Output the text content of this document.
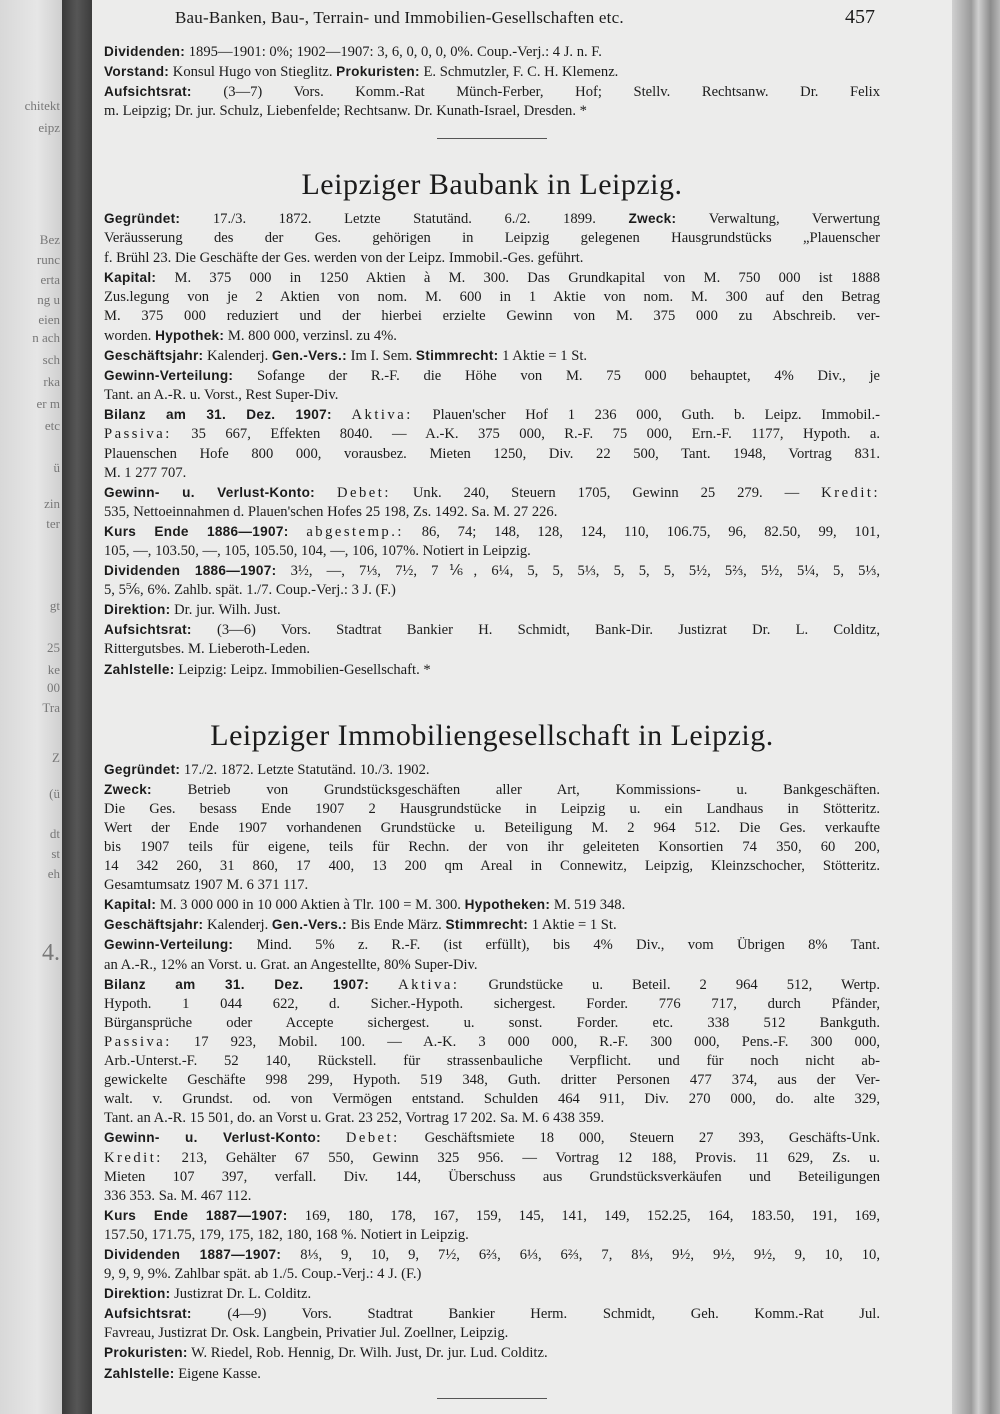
chitekt
eipz
Bez
runc
erta
ng u
eien
n ach
sch
rka
er m
etc
ü
zin
ter
gt
25
ke
00
Tra
Z
(ü
dt
st
eh
4.
Bau-Banken, Bau-, Terrain- und Immobilien-Gesellschaften etc.	457
Dividenden: 1895—1901: 0%; 1902—1907: 3, 6, 0, 0, 0, 0%. Coup.-Verj.: 4 J. n. F.
Vorstand: Konsul Hugo von Stieglitz. Prokuristen: E. Schmutzler, F. C. H. Klemenz.
Aufsichtsrat: (3—7) Vors. Komm.-Rat Münch-Ferber, Hof; Stellv. Rechtsanw. Dr. Felix
m. Leipzig; Dr. jur. Schulz, Liebenfelde; Rechtsanw. Dr. Kunath-Israel, Dresden. *
Leipziger Baubank in Leipzig.
Gegründet: 17./3. 1872. Letzte Statutänd. 6./2. 1899. Zweck: Verwaltung, Verwertung
Veräusserung des der Ges. gehörigen in Leipzig gelegenen Hausgrundstücks „Plauenscher
f. Brühl 23. Die Geschäfte der Ges. werden von der Leipz. Immobil.-Ges. geführt.
Kapital: M. 375 000 in 1250 Aktien à M. 300. Das Grundkapital von M. 750 000 ist 1888
Zus.legung von je 2 Aktien von nom. M. 600 in 1 Aktie von nom. M. 300 auf den Betrag
M. 375 000 reduziert und der hierbei erzielte Gewinn von M. 375 000 zu Abschreib. ver-
worden. Hypothek: M. 800 000, verzinsl. zu 4%.
Geschäftsjahr: Kalenderj. Gen.-Vers.: Im I. Sem. Stimmrecht: 1 Aktie = 1 St.
Gewinn-Verteilung: Sofange der R.-F. die Höhe von M. 75 000 behauptet, 4% Div., je
Tant. an A.-R. u. Vorst., Rest Super-Div.
Bilanz am 31. Dez. 1907: Aktiva: Plauen'scher Hof 1 236 000, Guth. b. Leipz. Immobil.-
Passiva: 35 667, Effekten 8040. — A.-K. 375 000, R.-F. 75 000, Ern.-F. 1177, Hypoth. a.
Plauenschen Hofe 800 000, vorausbez. Mieten 1250, Div. 22 500, Tant. 1948, Vortrag 831.
M. 1 277 707.
Gewinn- u. Verlust-Konto: Debet: Unk. 240, Steuern 1705, Gewinn 25 279. — Kredit:
535, Nettoeinnahmen d. Plauen'schen Hofes 25 198, Zs. 1492. Sa. M. 27 226.
Kurs Ende 1886—1907: abgestemp.: 86, 74; 148, 128, 124, 110, 106.75, 96, 82.50, 99, 101,
105, —, 103.50, —, 105, 105.50, 104, —, 106, 107%. Notiert in Leipzig.
Dividenden 1886—1907: 3½, —, 7⅓, 7½, 7⅙, 6¼, 5, 5, 5⅓, 5, 5, 5, 5½, 5⅔, 5½, 5¼, 5, 5⅓,
5, 5⅚, 6%. Zahlb. spät. 1./7. Coup.-Verj.: 3 J. (F.)
Direktion: Dr. jur. Wilh. Just.
Aufsichtsrat: (3—6) Vors. Stadtrat Bankier H. Schmidt, Bank-Dir. Justizrat Dr. L. Colditz,
Rittergutsbes. M. Lieberoth-Leden.
Zahlstelle: Leipzig: Leipz. Immobilien-Gesellschaft. *
Leipziger Immobiliengesellschaft in Leipzig.
Gegründet: 17./2. 1872. Letzte Statutänd. 10./3. 1902.
Zweck: Betrieb von Grundstücksgeschäften aller Art, Kommissions- u. Bankgeschäften.
Die Ges. besass Ende 1907 2 Hausgrundstücke in Leipzig u. ein Landhaus in Stötteritz.
Wert der Ende 1907 vorhandenen Grundstücke u. Beteiligung M. 2 964 512. Die Ges. verkaufte
bis 1907 teils für eigene, teils für Rechn. der von ihr geleiteten Konsortien 74 350, 60 200,
14 342 260, 31 860, 17 400, 13 200 qm Areal in Connewitz, Leipzig, Kleinzschocher, Stötteritz.
Gesamtumsatz 1907 M. 6 371 117.
Kapital: M. 3 000 000 in 10 000 Aktien à Tlr. 100 = M. 300. Hypotheken: M. 519 348.
Geschäftsjahr: Kalenderj. Gen.-Vers.: Bis Ende März. Stimmrecht: 1 Aktie = 1 St.
Gewinn-Verteilung: Mind. 5% z. R.-F. (ist erfüllt), bis 4% Div., vom Übrigen 8% Tant.
an A.-R., 12% an Vorst. u. Grat. an Angestellte, 80% Super-Div.
Bilanz am 31. Dez. 1907: Aktiva: Grundstücke u. Beteil. 2 964 512, Wertp.
Hypoth. 1 044 622, d. Sicher.-Hypoth. sichergest. Forder. 776 717, durch Pfänder,
Bürgansprüche oder Accepte sichergest. u. sonst. Forder. etc. 338 512 Bankguth.
Passiva: 17 923, Mobil. 100. — A.-K. 3 000 000, R.-F. 300 000, Pens.-F. 300 000,
Arb.-Unterst.-F. 52 140, Rückstell. für strassenbauliche Verpflicht. und für noch nicht ab-
gewickelte Geschäfte 998 299, Hypoth. 519 348, Guth. dritter Personen 477 374, aus der Ver-
walt. v. Grundst. od. von Vermögen entstand. Schulden 464 911, Div. 270 000, do. alte 329,
Tant. an A.-R. 15 501, do. an Vorst u. Grat. 23 252, Vortrag 17 202. Sa. M. 6 438 359.
Gewinn- u. Verlust-Konto: Debet: Geschäftsmiete 18 000, Steuern 27 393, Geschäfts-Unk.
Kredit: 213, Gehälter 67 550, Gewinn 325 956. — Vortrag 12 188, Provis. 11 629, Zs. u.
Mieten 107 397, verfall. Div. 144, Überschuss aus Grundstücksverkäufen und Beteiligungen
336 353. Sa. M. 467 112.
Kurs Ende 1887—1907: 169, 180, 178, 167, 159, 145, 141, 149, 152.25, 164, 183.50, 191, 169,
157.50, 171.75, 179, 175, 182, 180, 168 %. Notiert in Leipzig.
Dividenden 1887—1907: 8⅓, 9, 10, 9, 7½, 6⅔, 6⅓, 6⅔, 7, 8⅓, 9½, 9½, 9½, 9, 10, 10,
9, 9, 9, 9%. Zahlbar spät. ab 1./5. Coup.-Verj.: 4 J. (F.)
Direktion: Justizrat Dr. L. Colditz.
Aufsichtsrat: (4—9) Vors. Stadtrat Bankier Herm. Schmidt, Geh. Komm.-Rat Jul.
Favreau, Justizrat Dr. Osk. Langbein, Privatier Jul. Zoellner, Leipzig.
Prokuristen: W. Riedel, Rob. Hennig, Dr. Wilh. Just, Dr. jur. Lud. Colditz.
Zahlstelle: Eigene Kasse.
